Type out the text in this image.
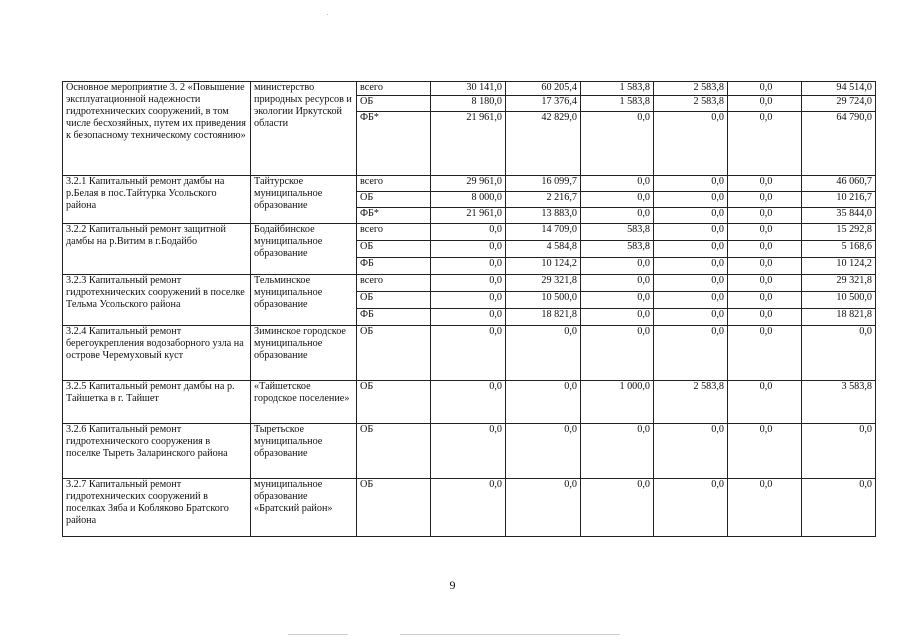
Основное мероприятие 3. 2 «Повышение эксплуатационной надежности гидротехнических сооружений, в том числе бесхозяйных, путем их приведения к безопасному техническому состоянию»	министерство природных ресурсов и экологии Иркутской области	всего	30 141,0	60 205,4	1 583,8	2 583,8	0,0	94 514,0
		ОБ	8 180,0	17 376,4	1 583,8	2 583,8	0,0	29 724,0
		ФБ*	21 961,0	42 829,0	0,0	0,0	0,0	64 790,0
3.2.1 Капитальный ремонт дамбы на р.Белая в пос.Тайтурка Усольского района	Тайтурское муниципальное образование	всего	29 961,0	16 099,7	0,0	0,0	0,0	46 060,7
		ОБ	8 000,0	2 216,7	0,0	0,0	0,0	10 216,7
		ФБ*	21 961,0	13 883,0	0,0	0,0	0,0	35 844,0
3.2.2 Капитальный ремонт защитной дамбы на р.Витим в г.Бодайбо	Бодайбинское муниципальное образование	всего	0,0	14 709,0	583,8	0,0	0,0	15 292,8
		ОБ	0,0	4 584,8	583,8	0,0	0,0	5 168,6
		ФБ	0,0	10 124,2	0,0	0,0	0,0	10 124,2
3.2.3 Капитальный ремонт гидротехнических сооружений в поселке Тельма Усольского района	Тельминское муниципальное образование	всего	0,0	29 321,8	0,0	0,0	0,0	29 321,8
		ОБ	0,0	10 500,0	0,0	0,0	0,0	10 500,0
		ФБ	0,0	18 821,8	0,0	0,0	0,0	18 821,8
3.2.4 Капитальный ремонт берегоукрепления водозаборного узла на острове Черемуховый куст	Зиминское городское муниципальное образование	ОБ	0,0	0,0	0,0	0,0	0,0	0,0
3.2.5 Капитальный ремонт дамбы на р. Тайшетка в г. Тайшет	«Тайшетское городское поселение»	ОБ	0,0	0,0	1 000,0	2 583,8	0,0	3 583,8
3.2.6 Капитальный ремонт гидротехнического сооружения в поселке Тыреть Заларинского района	Тыретьское муниципальное образование	ОБ	0,0	0,0	0,0	0,0	0,0	0,0
3.2.7 Капитальный ремонт гидротехнических сооружений в поселках Зяба и Кобляково Братского района	муниципальное образование «Братский район»	ОБ	0,0	0,0	0,0	0,0	0,0	0,0
9
